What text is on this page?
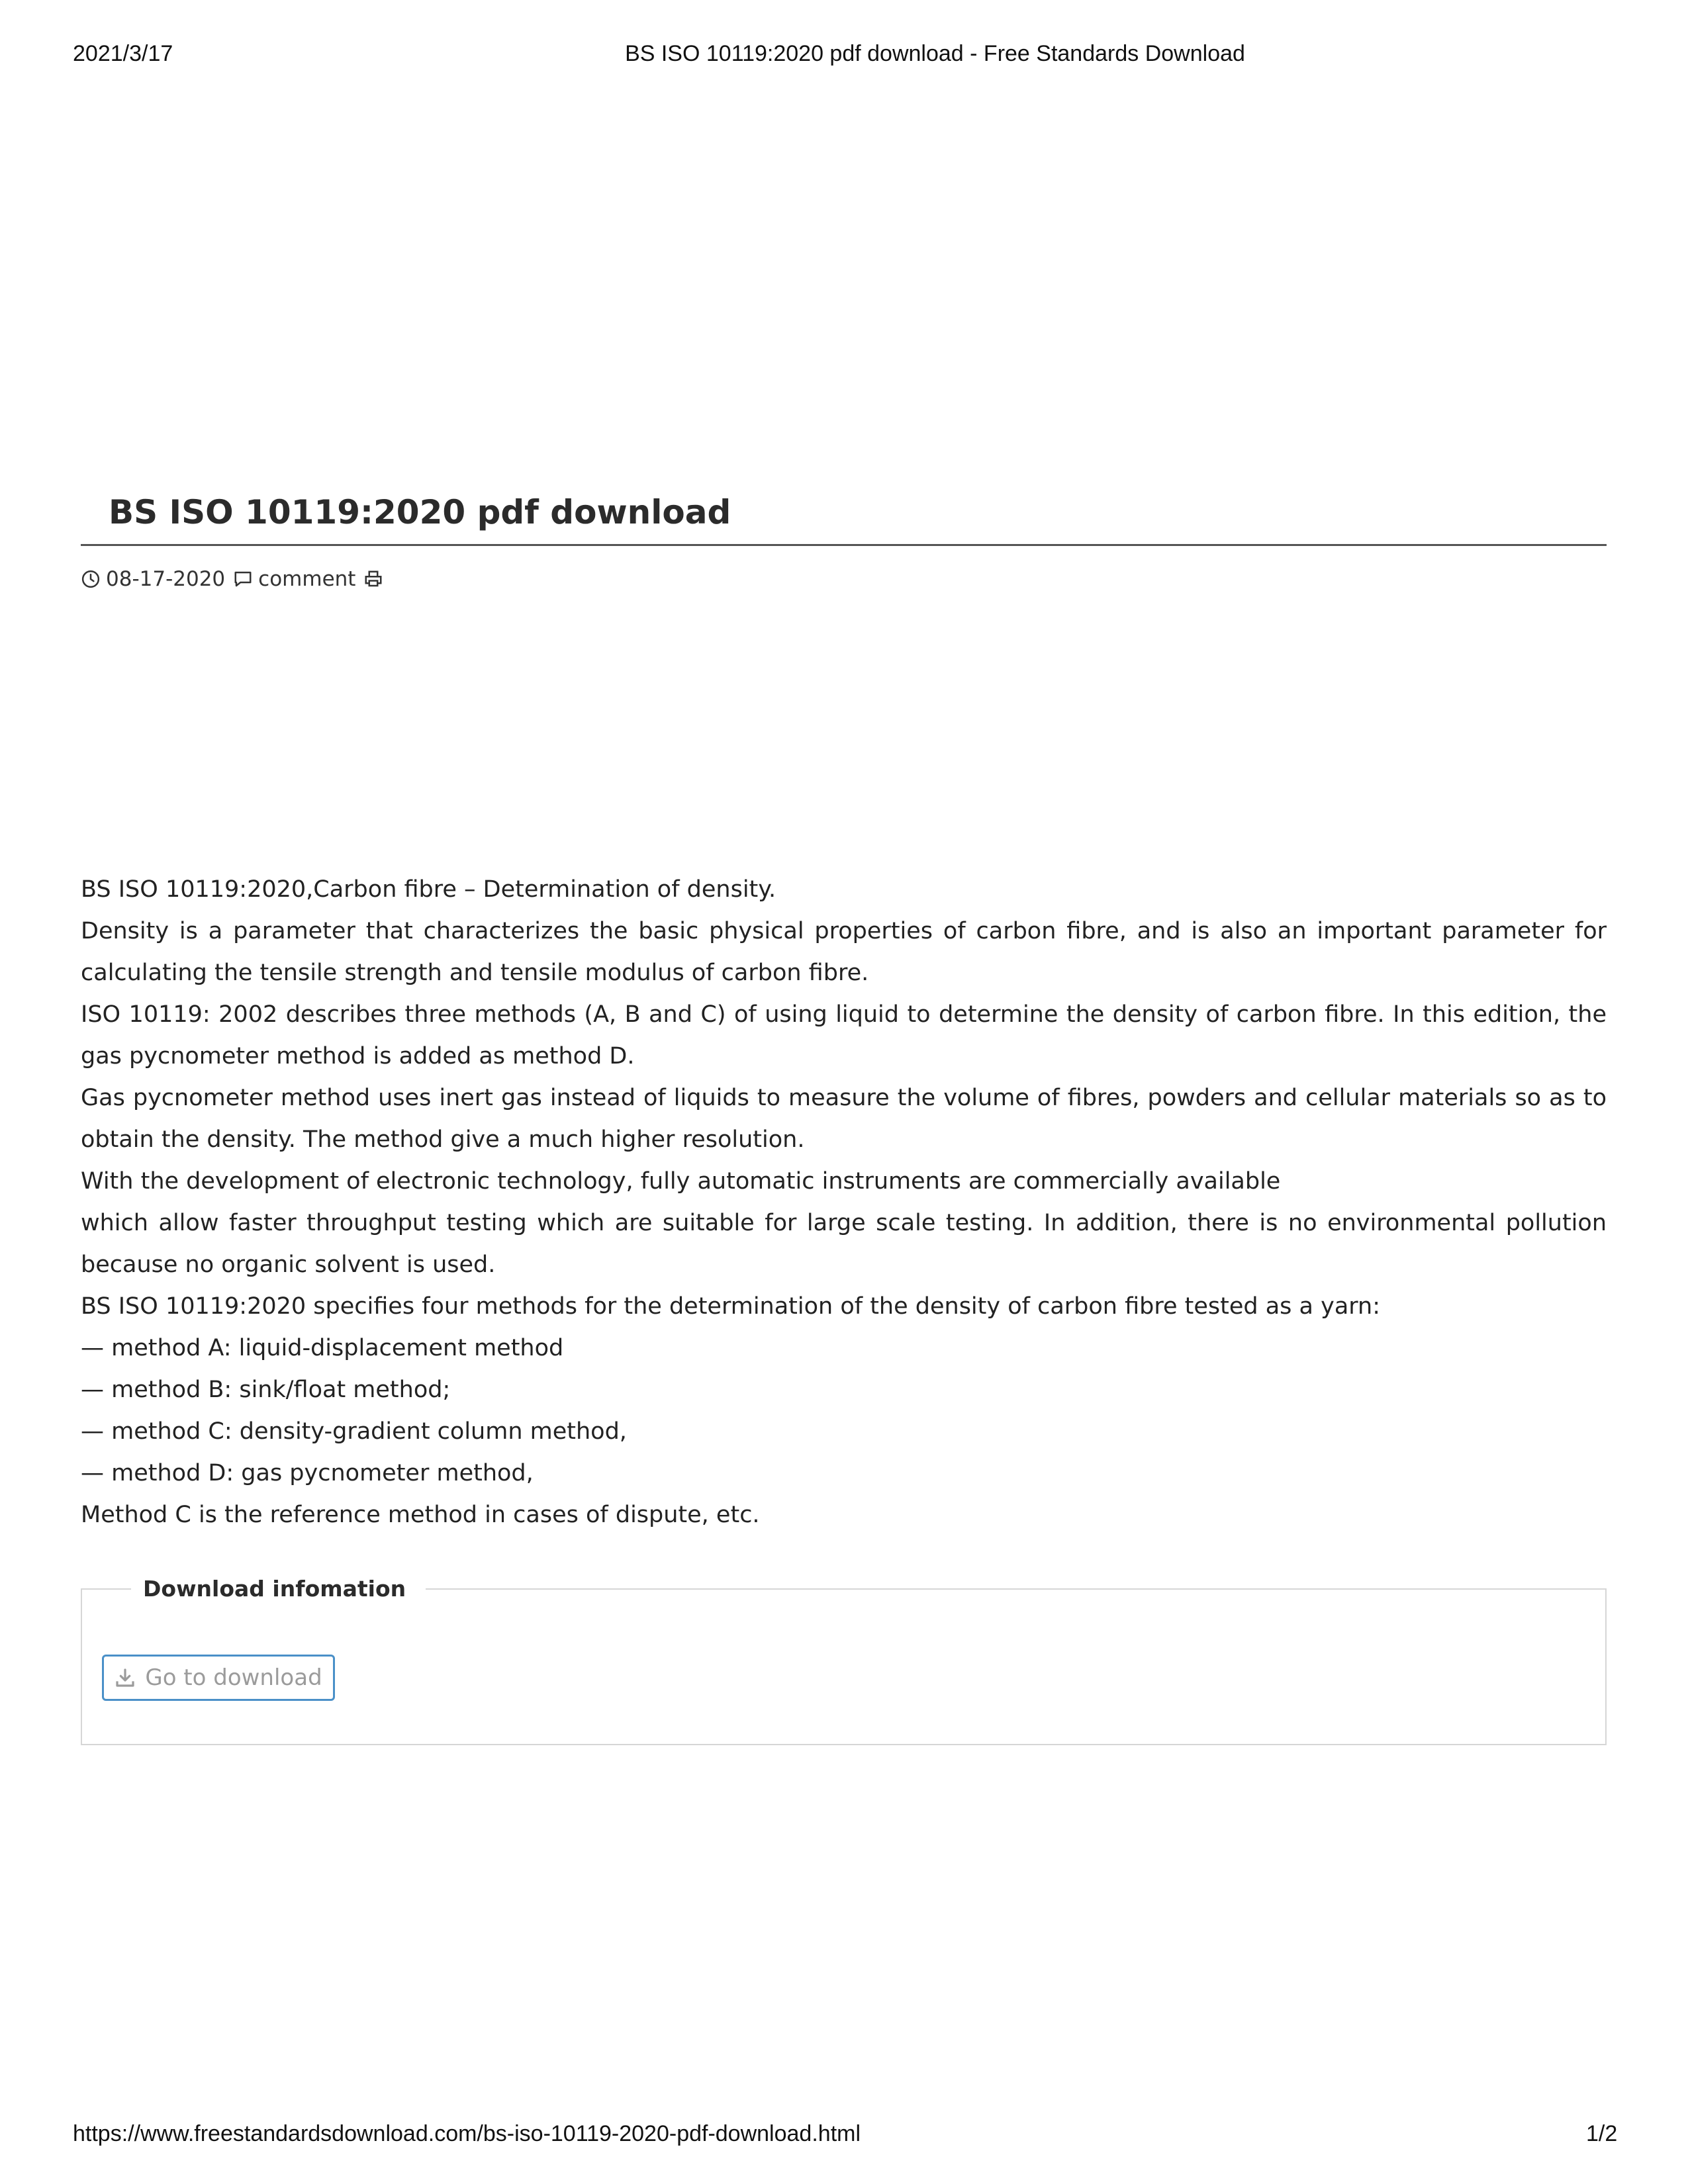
2021/3/17	BS ISO 10119:2020 pdf download - Free Standards Download
BS ISO 10119:2020 pdf download
08-17-2020 comment

BS ISO 10119:2020,Carbon fibre – Determination of density.

Density is a parameter that characterizes the basic physical properties of carbon fibre, and is also an important parameter for calculating the tensile strength and tensile modulus of carbon fibre.

ISO 10119: 2002 describes three methods (A, B and C) of using liquid to determine the density of carbon fibre. In this edition, the gas pycnometer method is added as method D.

Gas pycnometer method uses inert gas instead of liquids to measure the volume of fibres, powders and cellular materials so as to obtain the density. The method give a much higher resolution.

With the development of electronic technology, fully automatic instruments are commercially available

which allow faster throughput testing which are suitable for large scale testing. In addition, there is no environmental pollution because no organic solvent is used.

BS ISO 10119:2020 specifies four methods for the determination of the density of carbon fibre tested as a yarn:

— method A: liquid-displacement method

— method B: sink/float method;

— method C: density-gradient column method,

— method D: gas pycnometer method,

Method C is the reference method in cases of dispute, etc.

Download infomation
Go to download
https://www.freestandardsdownload.com/bs-iso-10119-2020-pdf-download.html	1/2
